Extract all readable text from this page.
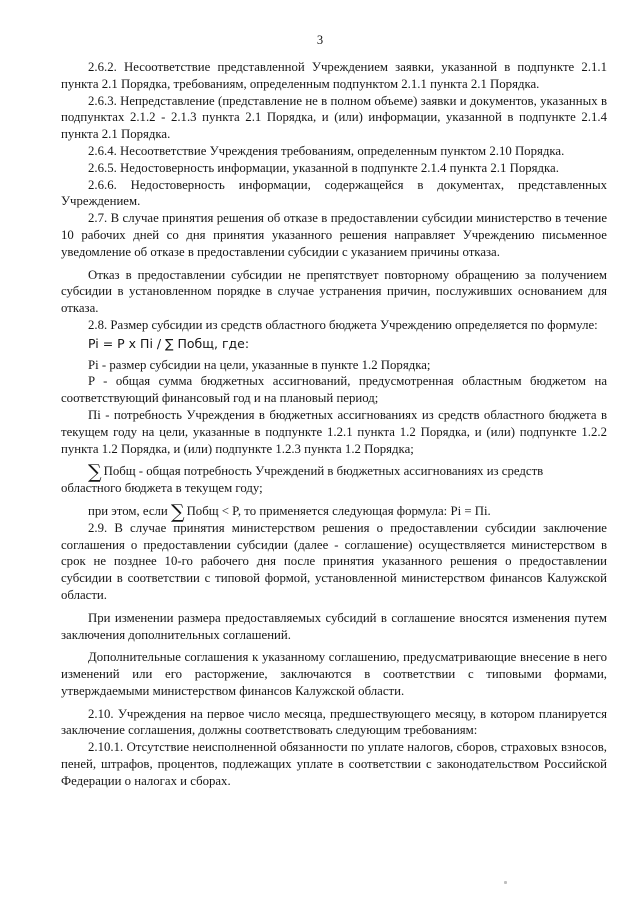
3

2.6.2. Несоответствие представленной Учреждением заявки, указанной в подпункте 2.1.1 пункта 2.1 Порядка, требованиям, определенным подпунктом 2.1.1 пункта 2.1 Порядка.

2.6.3. Непредставление (представление не в полном объеме) заявки и документов, указанных в подпунктах 2.1.2 - 2.1.3 пункта 2.1 Порядка, и (или) информации, указанной в подпункте 2.1.4 пункта 2.1 Порядка.

2.6.4. Несоответствие Учреждения требованиям, определенным пунктом 2.10 Порядка.

2.6.5. Недостоверность информации, указанной в подпункте 2.1.4 пункта 2.1 Порядка.

2.6.6. Недостоверность информации, содержащейся в документах, представленных Учреждением.

2.7. В случае принятия решения об отказе в предоставлении субсидии министерство в течение 10 рабочих дней со дня принятия указанного решения направляет Учреждению письменное уведомление об отказе в предоставлении субсидии с указанием причины отказа.

Отказ в предоставлении субсидии не препятствует повторному обращению за получением субсидии в установленном порядке в случае устранения причин, послуживших основанием для отказа.

2.8. Размер субсидии из средств областного бюджета Учреждению определяется по формуле:

Pi = P x Пi / ∑ Побщ, где:

Pi - размер субсидии на цели, указанные в пункте 1.2 Порядка;

P - общая сумма бюджетных ассигнований, предусмотренная областным бюджетом на соответствующий финансовый год и на плановый период;

Пi - потребность Учреждения в бюджетных ассигнованиях из средств областного бюджета в текущем году на цели, указанные в подпункте 1.2.1 пункта 1.2 Порядка, и (или) подпункте 1.2.2 пункта 1.2 Порядка, и (или) подпункте 1.2.3 пункта 1.2 Порядка;

∑ Побщ - общая потребность Учреждений в бюджетных ассигнованиях из средств

областного бюджета в текущем году;

при этом, если ∑ Побщ < P, то применяется следующая формула: Pi = Пi.

2.9. В случае принятия министерством решения о предоставлении субсидии заключение соглашения о предоставлении субсидии (далее - соглашение) осуществляется министерством в срок не позднее 10-го рабочего дня после принятия указанного решения о предоставлении субсидии в соответствии с типовой формой, установленной министерством финансов Калужской области.

При изменении размера предоставляемых субсидий в соглашение вносятся изменения путем заключения дополнительных соглашений.

Дополнительные соглашения к указанному соглашению, предусматривающие внесение в него изменений или его расторжение, заключаются в соответствии с типовыми формами, утверждаемыми министерством финансов Калужской области.

2.10. Учреждения на первое число месяца, предшествующего месяцу, в котором планируется заключение соглашения, должны соответствовать следующим требованиям:

2.10.1. Отсутствие неисполненной обязанности по уплате налогов, сборов, страховых взносов, пеней, штрафов, процентов, подлежащих уплате в соответствии с законодательством Российской Федерации о налогах и сборах.
